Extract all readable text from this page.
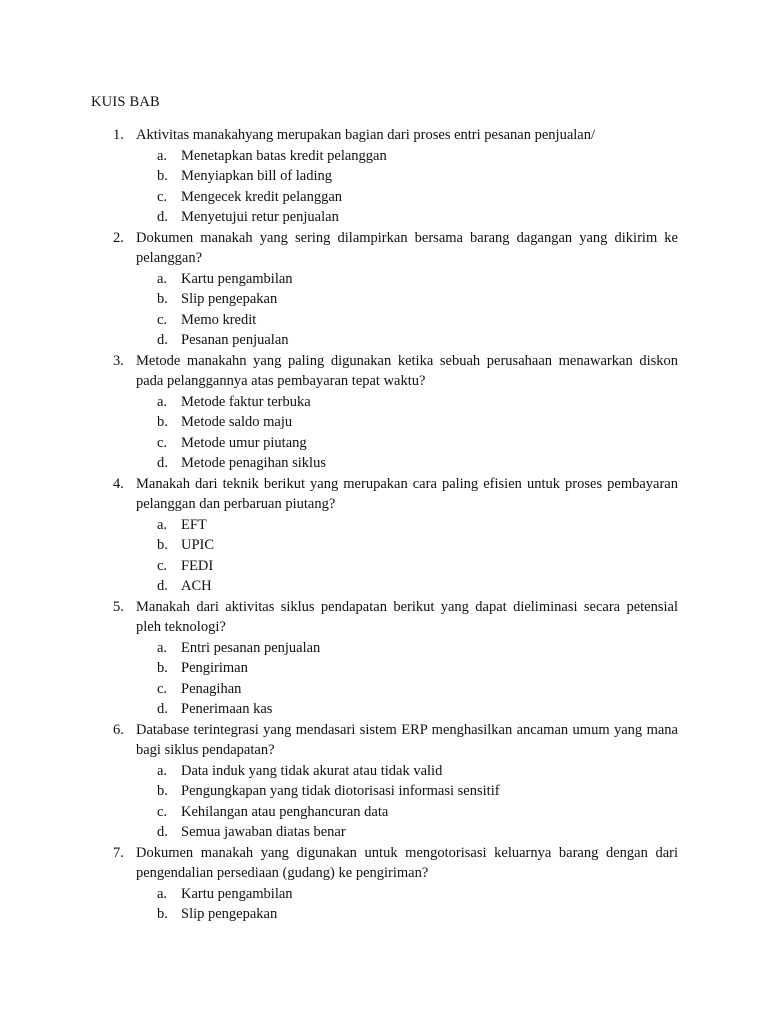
KUIS BAB
1. Aktivitas manakahyang merupakan bagian dari proses entri pesanan penjualan/
a. Menetapkan batas kredit pelanggan
b. Menyiapkan bill of lading
c. Mengecek kredit pelanggan
d. Menyetujui retur penjualan
2. Dokumen manakah yang sering dilampirkan bersama barang dagangan yang dikirim ke pelanggan?
a. Kartu pengambilan
b. Slip pengepakan
c. Memo kredit
d. Pesanan penjualan
3. Metode manakahn yang paling digunakan ketika sebuah perusahaan menawarkan diskon pada pelanggannya atas pembayaran tepat waktu?
a. Metode faktur terbuka
b. Metode saldo maju
c. Metode umur piutang
d. Metode penagihan siklus
4. Manakah dari teknik berikut yang merupakan cara paling efisien untuk proses pembayaran pelanggan dan perbaruan piutang?
a. EFT
b. UPIC
c. FEDI
d. ACH
5. Manakah dari aktivitas siklus pendapatan berikut yang dapat dieliminasi secara petensial pleh teknologi?
a. Entri pesanan penjualan
b. Pengiriman
c. Penagihan
d. Penerimaan kas
6. Database terintegrasi yang mendasari sistem ERP menghasilkan ancaman umum yang mana bagi siklus pendapatan?
a. Data induk yang tidak akurat atau tidak valid
b. Pengungkapan yang tidak diotorisasi informasi sensitif
c. Kehilangan atau penghancuran data
d. Semua jawaban diatas benar
7. Dokumen manakah yang digunakan untuk mengotorisasi keluarnya barang dengan dari pengendalian persediaan (gudang) ke pengiriman?
a. Kartu pengambilan
b. Slip pengepakan
